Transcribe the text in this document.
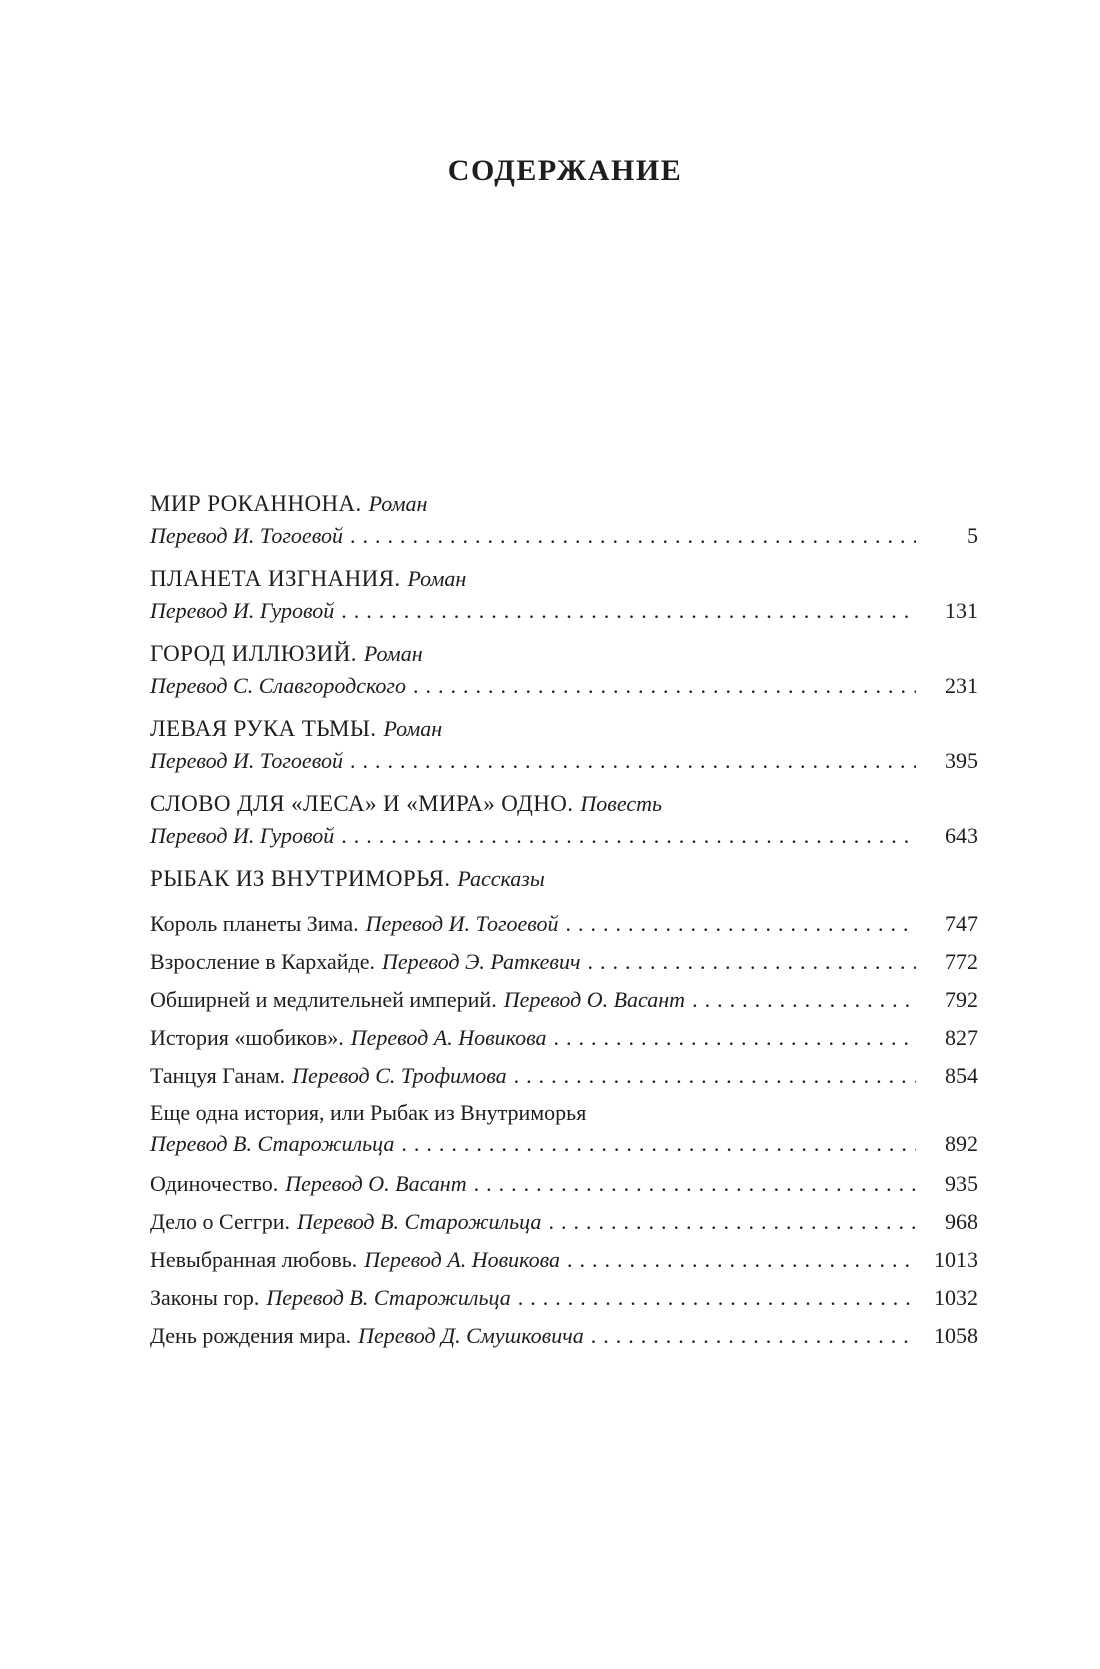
СОДЕРЖАНИЕ
МИР РОКАННОНА. Роман
Перевод И. Тогоевой .....	5
ПЛАНЕТА ИЗГНАНИЯ. Роман
Перевод И. Гуровой .....	131
ГОРОД ИЛЛЮЗИЙ. Роман
Перевод С. Славгородского .....	231
ЛЕВАЯ РУКА ТЬМЫ. Роман
Перевод И. Тогоевой .....	395
СЛОВО ДЛЯ «ЛЕСА» И «МИРА» ОДНО. Повесть
Перевод И. Гуровой .....	643
РЫБАК ИЗ ВНУТРИМОРЬЯ. Рассказы
Король планеты Зима. Перевод И. Тогоевой .....	747
Взросление в Кархайде. Перевод Э. Раткевич .....	772
Обширней и медлительней империй. Перевод О. Васант .....	792
История «шобиков». Перевод А. Новикова .....	827
Танцуя Ганам. Перевод С. Трофимова .....	854
Еще одна история, или Рыбак из Внутриморья
Перевод В. Старожильца .....	892
Одиночество. Перевод О. Васант .....	935
Дело о Сеггри. Перевод В. Старожильца .....	968
Невыбранная любовь. Перевод А. Новикова .....	1013
Законы гор. Перевод В. Старожильца .....	1032
День рождения мира. Перевод Д. Смушковича .....	1058
